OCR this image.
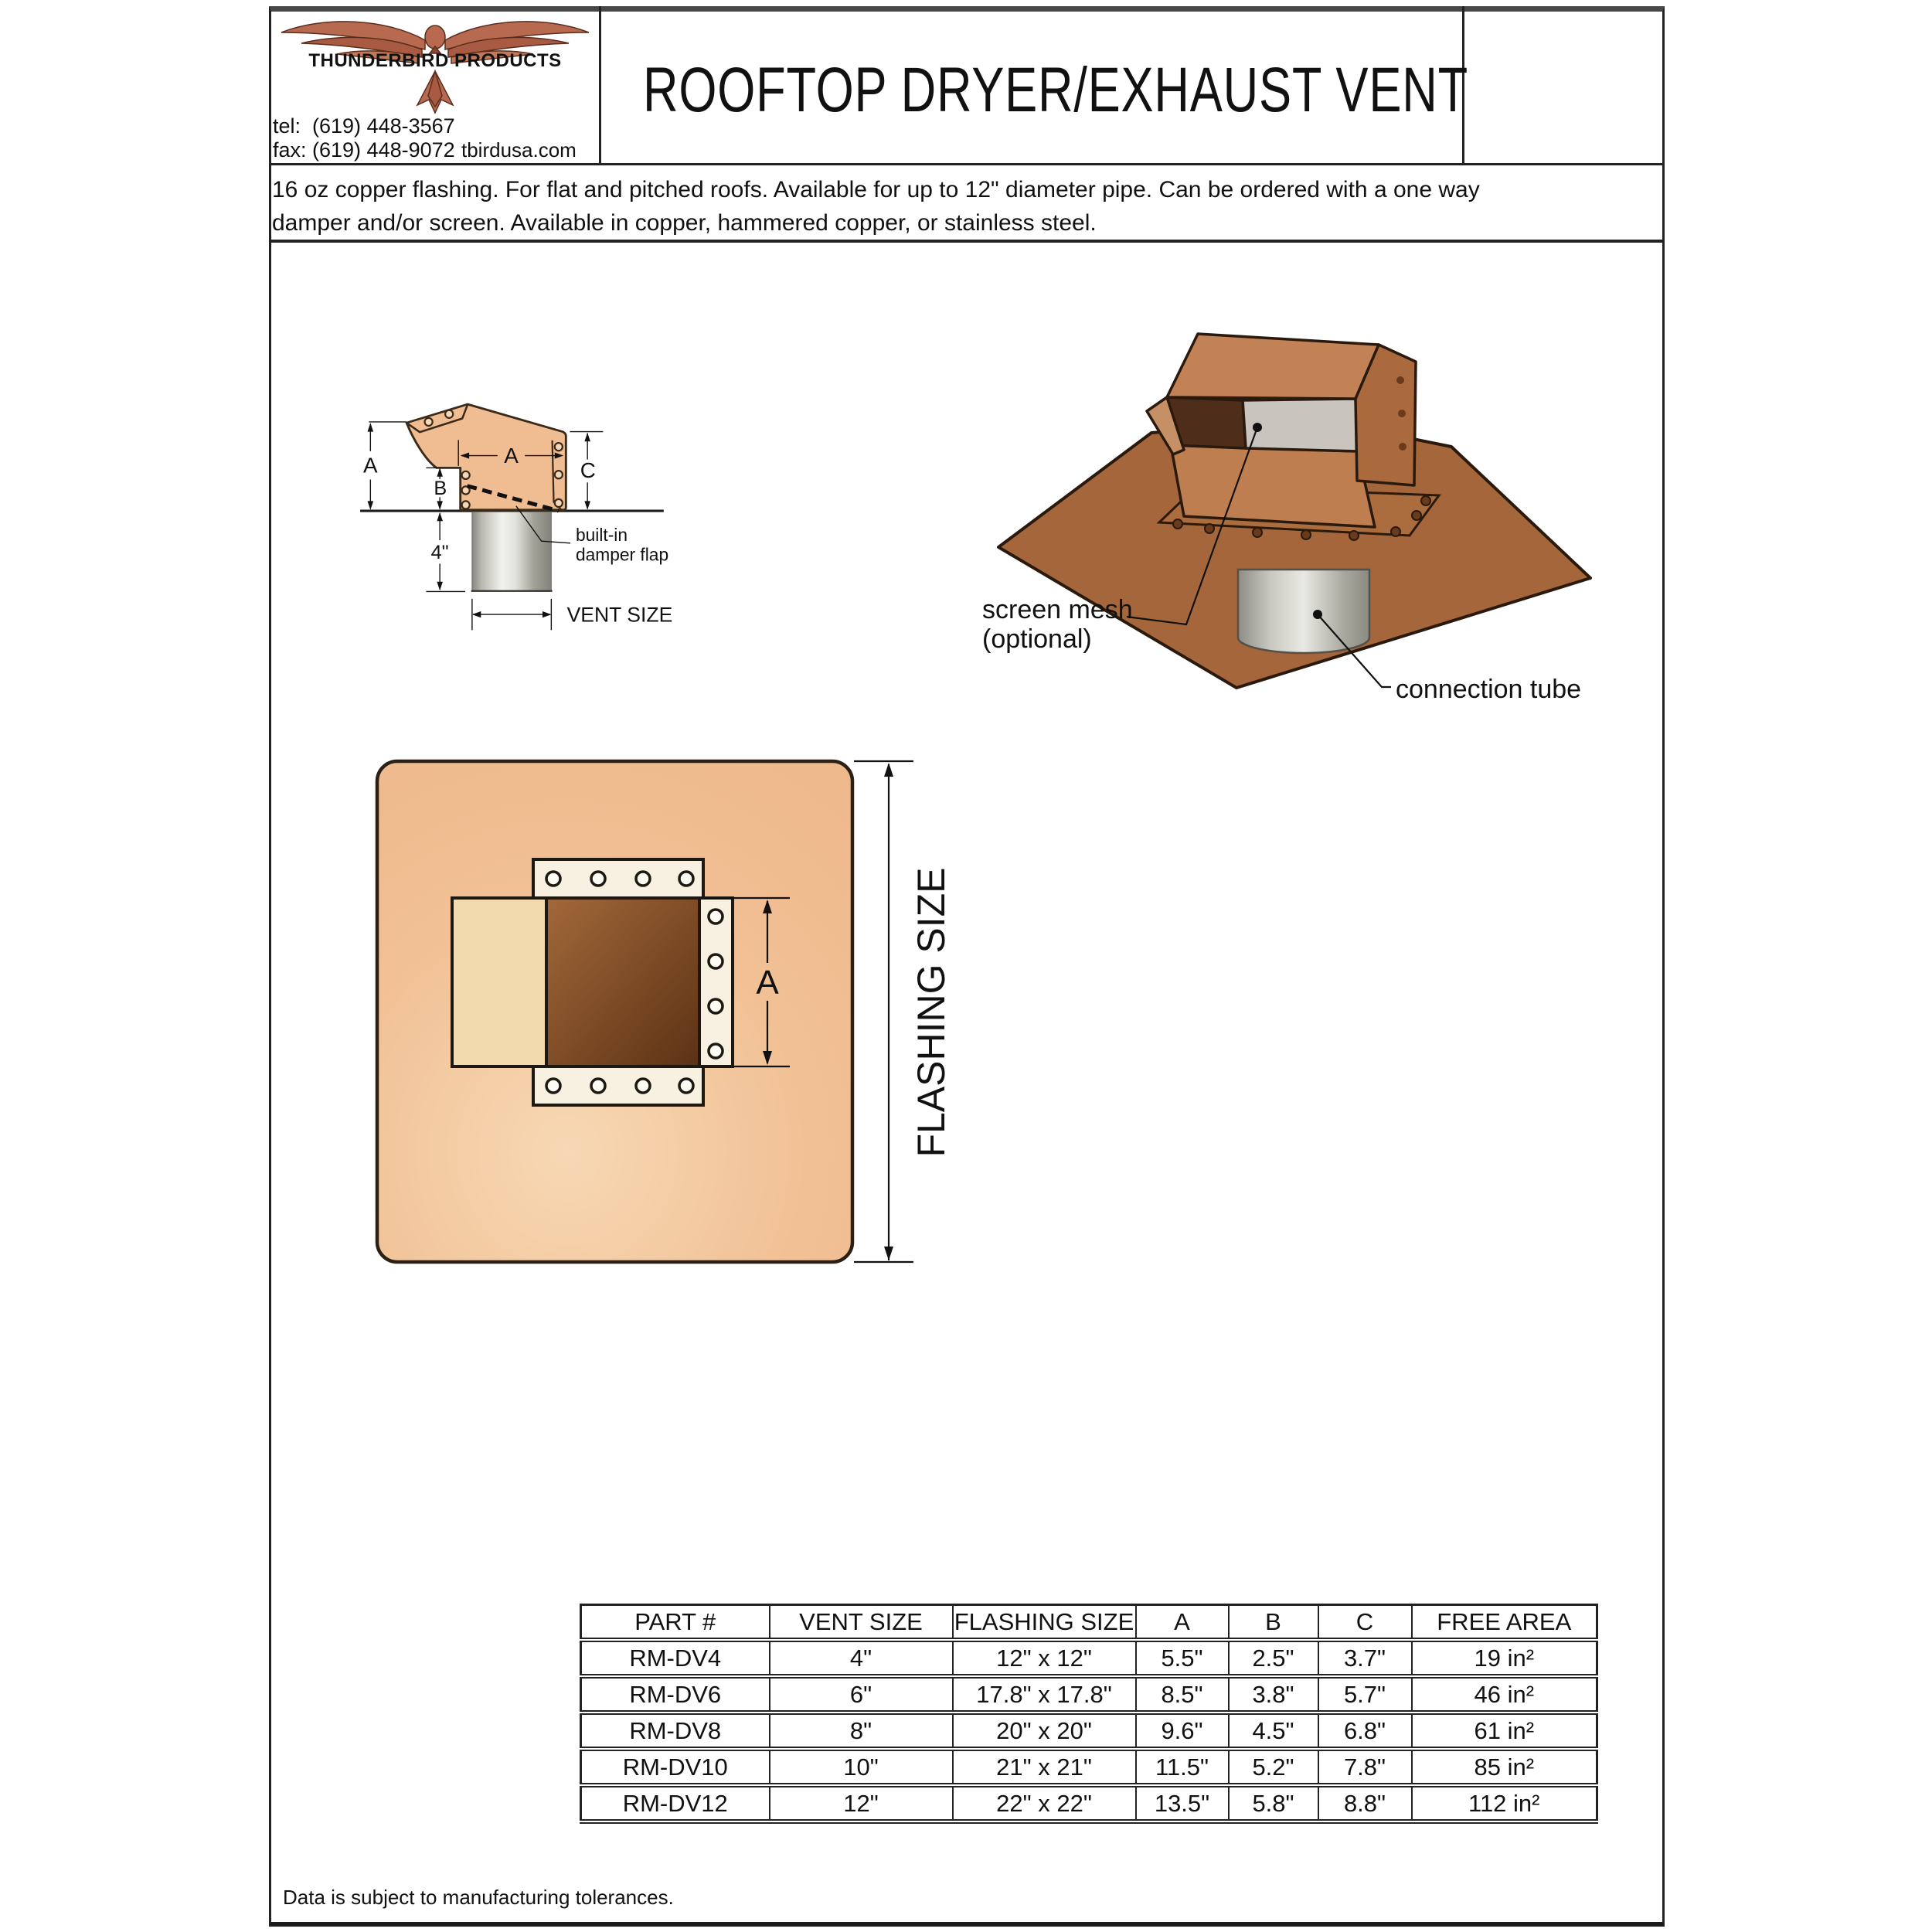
THUNDERBIRD PRODUCTS
tel:  (619) 448-3567
fax: (619) 448-9072 tbirdusa.com
ROOFTOP DRYER/EXHAUST VENT
16 oz copper flashing. For flat and pitched roofs. Available for up to 12" diameter pipe. Can be ordered with a one way
damper and/or screen. Available in copper, hammered copper, or stainless steel.
A	A
B
C
4"
VENT SIZE
built-in
damper flap
screen mesh
(optional)
connection tube
A	FLASHING SIZE
PART #	VENT SIZE	FLASHING SIZE	A	B	C	FREE AREA
RM-DV4	4"	12" x 12"	5.5"	2.5"	3.7"	19 in²
RM-DV6	6"	17.8" x 17.8"	8.5"	3.8"	5.7"	46 in²
RM-DV8	8"	20" x 20"	9.6"	4.5"	6.8"	61 in²
RM-DV10	10"	21" x 21"	11.5"	5.2"	7.8"	85 in²
RM-DV12	12"	22" x 22"	13.5"	5.8"	8.8"	112 in²
Data is subject to manufacturing tolerances.
